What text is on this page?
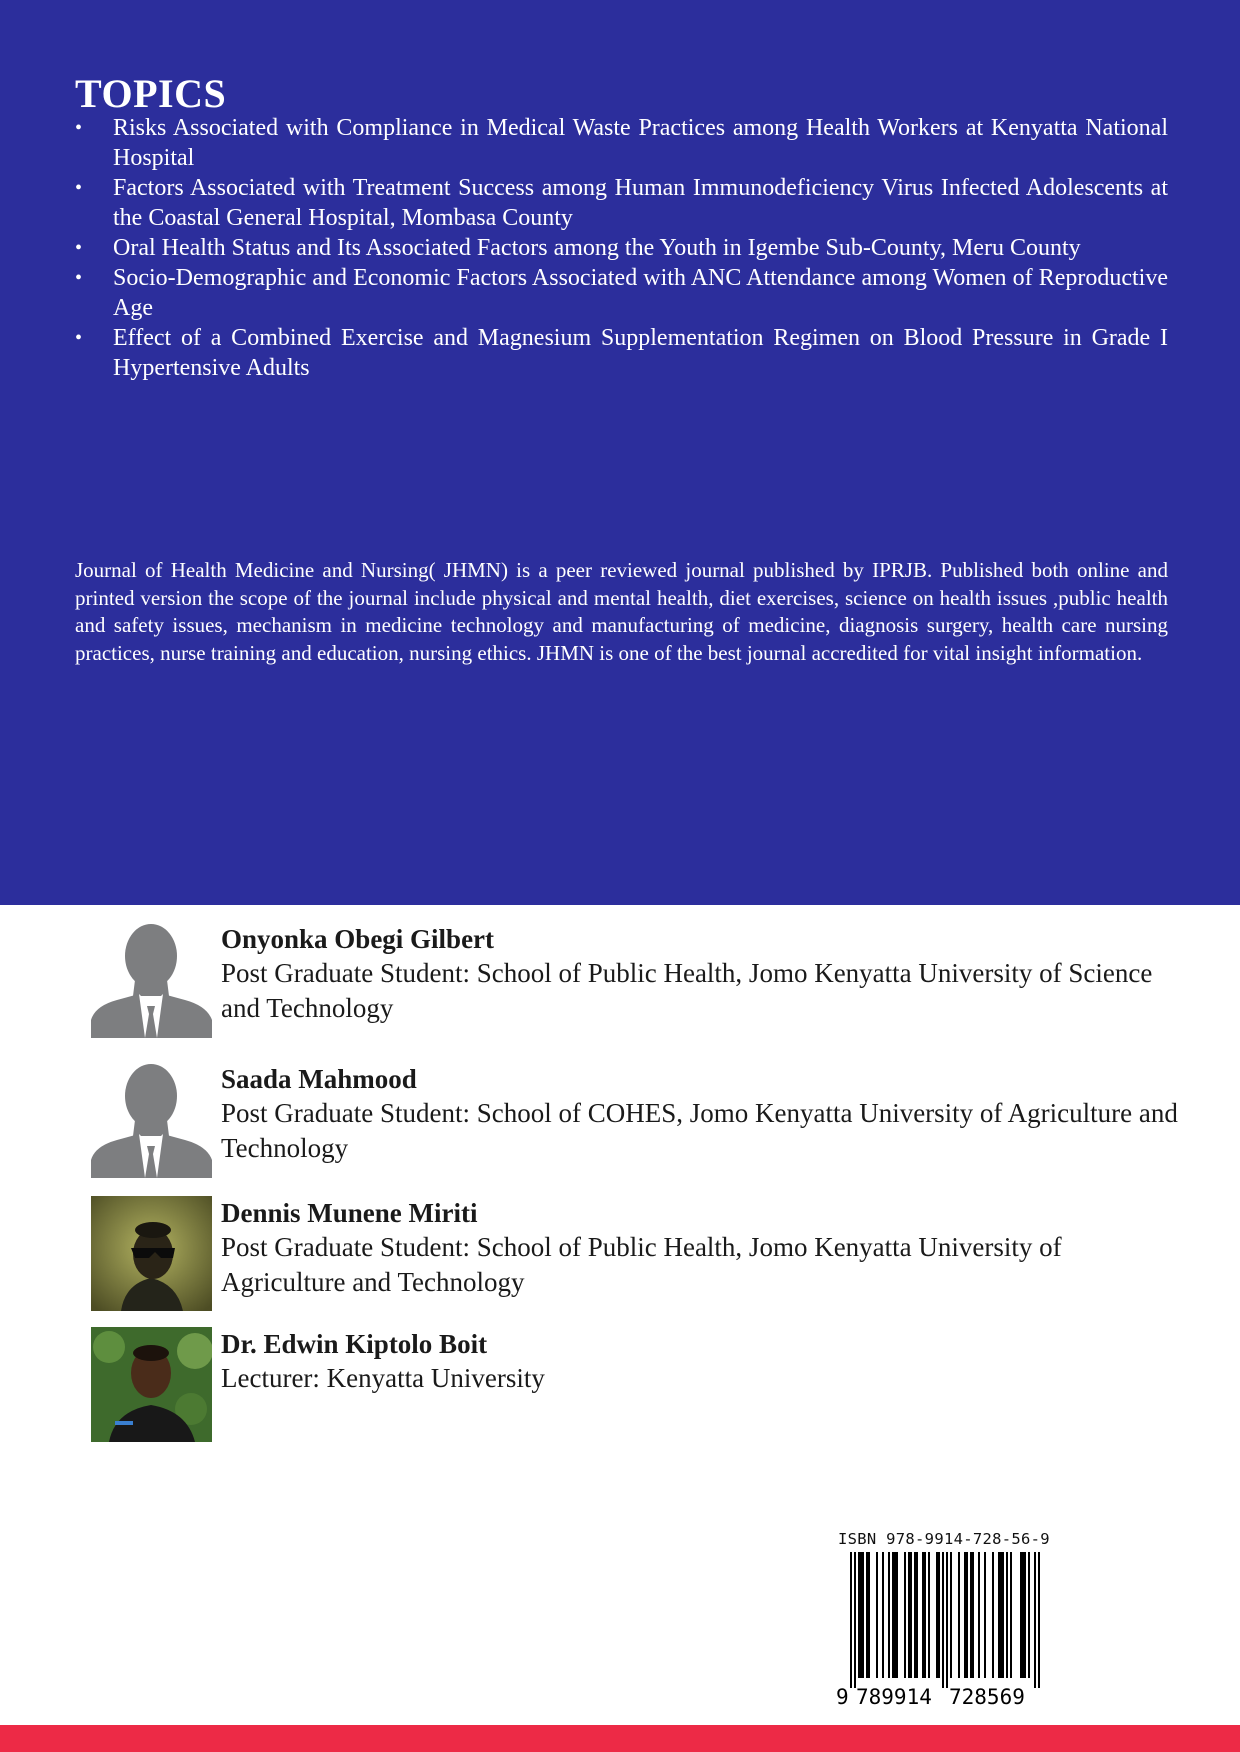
TOPICS
• Risks Associated with Compliance in Medical Waste Practices among Health Workers at Kenyatta National Hospital
• Factors Associated with Treatment Success among Human Immunodeficiency Virus Infected Adolescents at the Coastal General Hospital, Mombasa County
• Oral Health Status and Its Associated Factors among the Youth in Igembe Sub-County, Meru County
• Socio-Demographic and Economic Factors Associated with ANC Attendance among Women of Reproductive Age
• Effect of a Combined Exercise and Magnesium Supplementation Regimen on Blood Pressure in Grade I Hypertensive Adults

Journal of Health Medicine and Nursing( JHMN) is a peer reviewed journal published by IPRJB. Published both online and printed version the scope of the journal include physical and mental health, diet exercises, science on health issues ,public health and safety issues, mechanism in medicine technology and manufacturing of medicine, diagnosis surgery, health care nursing practices, nurse training and education, nursing ethics. JHMN is one of the best journal accredited for vital insight information.

Onyonka Obegi Gilbert
Post Graduate Student: School of Public Health, Jomo Kenyatta University of Science and Technology
Saada Mahmood
Post Graduate Student: School of COHES, Jomo Kenyatta University of Agriculture and Technology
Dennis Munene Miriti
Post Graduate Student: School of Public Health, Jomo Kenyatta University of Agriculture and Technology
Dr. Edwin Kiptolo Boit
Lecturer: Kenyatta University
ISBN 978-9914-728-56-9
9 789914 728569
